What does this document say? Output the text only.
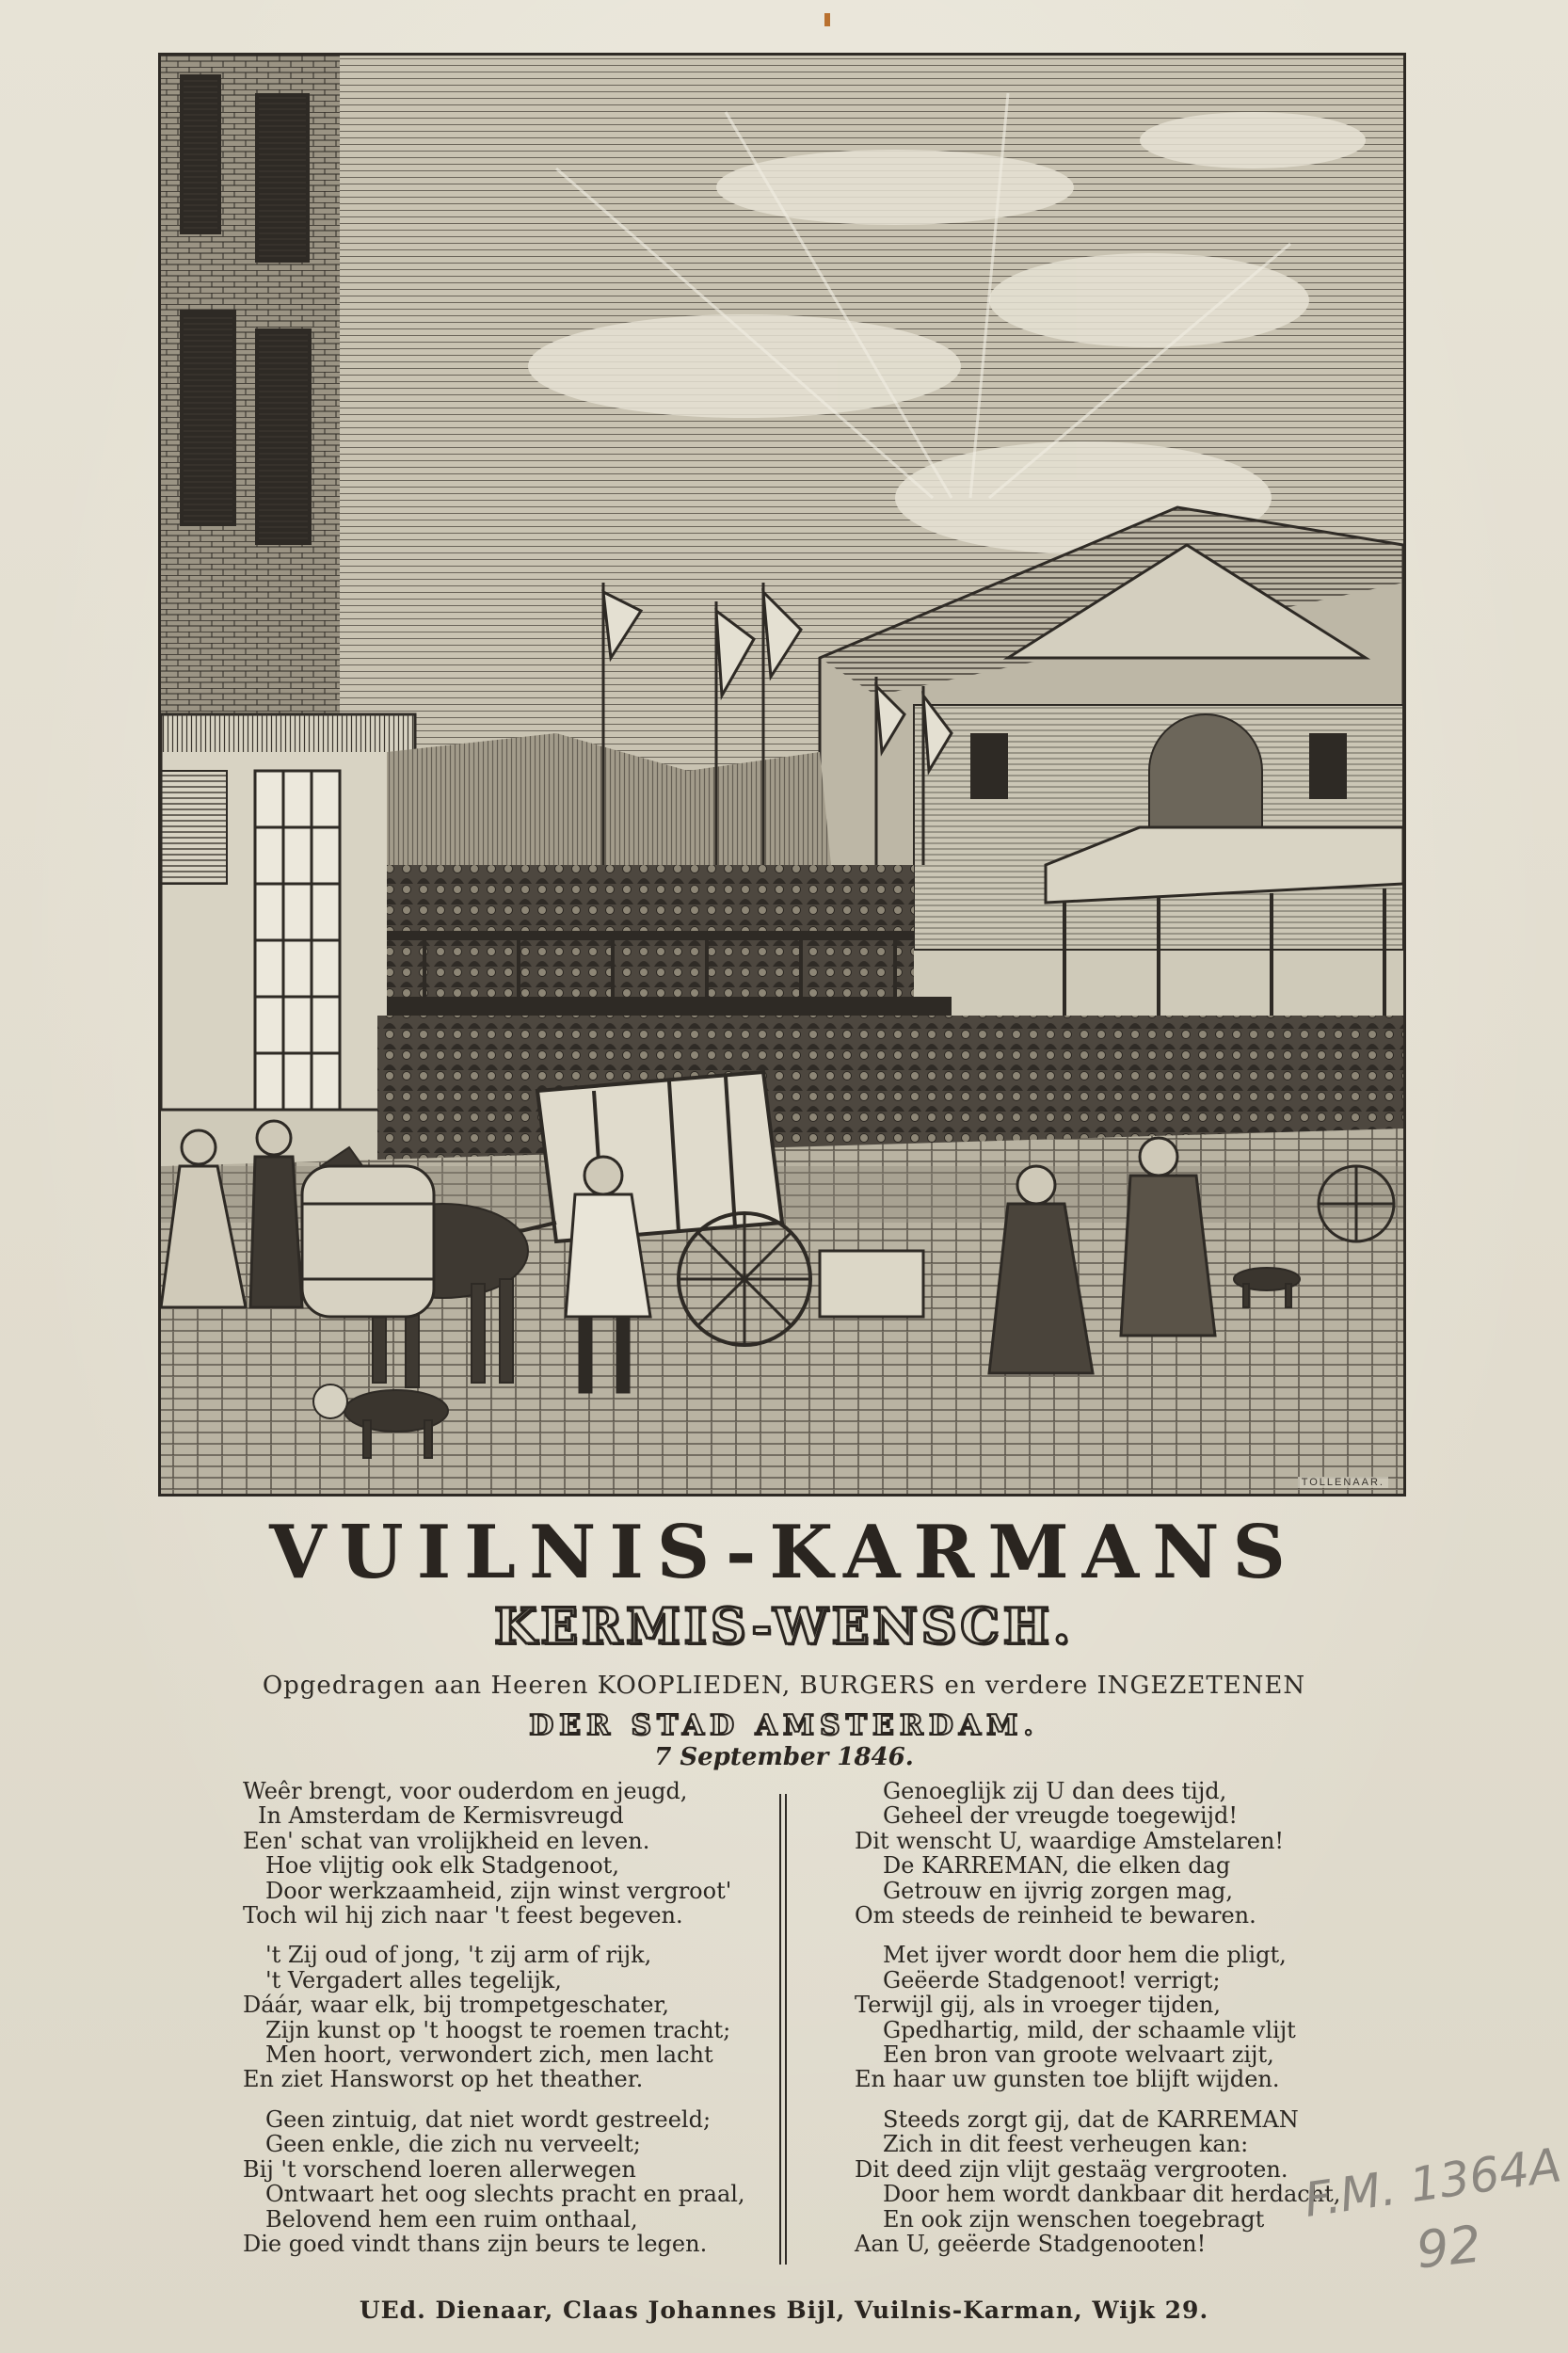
TOLLENAAR.
VUILNIS-KARMANS
KERMIS-WENSCH.
Opgedragen aan Heeren KOOPLIEDEN, BURGERS en verdere INGEZETENEN
DER STAD AMSTERDAM.
7 September 1846.
Weêr brengt, voor ouderdom en jeugd,
In Amsterdam de Kermisvreugd
Een' schat van vrolijkheid en leven.
Hoe vlijtig ook elk Stadgenoot,
Door werkzaamheid, zijn winst vergroot'
Toch wil hij zich naar 't feest begeven.
't Zij oud of jong, 't zij arm of rijk,
't Vergadert alles tegelijk,
Dáár, waar elk, bij trompetgeschater,
Zijn kunst op 't hoogst te roemen tracht;
Men hoort, verwondert zich, men lacht
En ziet Hansworst op het theather.
Geen zintuig, dat niet wordt gestreeld;
Geen enkle, die zich nu verveelt;
Bij 't vorschend loeren allerwegen
Ontwaart het oog slechts pracht en praal,
Belovend hem een ruim onthaal,
Die goed vindt thans zijn beurs te legen.
Genoeglijk zij U dan dees tijd,
Geheel der vreugde toegewijd!
Dit wenscht U, waardige Amstelaren!
De KARREMAN, die elken dag
Getrouw en ijvrig zorgen mag,
Om steeds de reinheid te bewaren.
Met ijver wordt door hem die pligt,
Geëerde Stadgenoot! verrigt;
Terwijl gij, als in vroeger tijden,
Gpedhartig, mild, der schaamle vlijt
Een bron van groote welvaart zijt,
En haar uw gunsten toe blijft wijden.
Steeds zorgt gij, dat de KARREMAN
Zich in dit feest verheugen kan:
Dit deed zijn vlijt gestaäg vergrooten.
Door hem wordt dankbaar dit herdacht,
En ook zijn wenschen toegebragt
Aan U, geëerde Stadgenooten!
UEd. Dienaar, Claas Johannes Bijl, Vuilnis-Karman, Wijk 29.
F.M. 1364A
92
